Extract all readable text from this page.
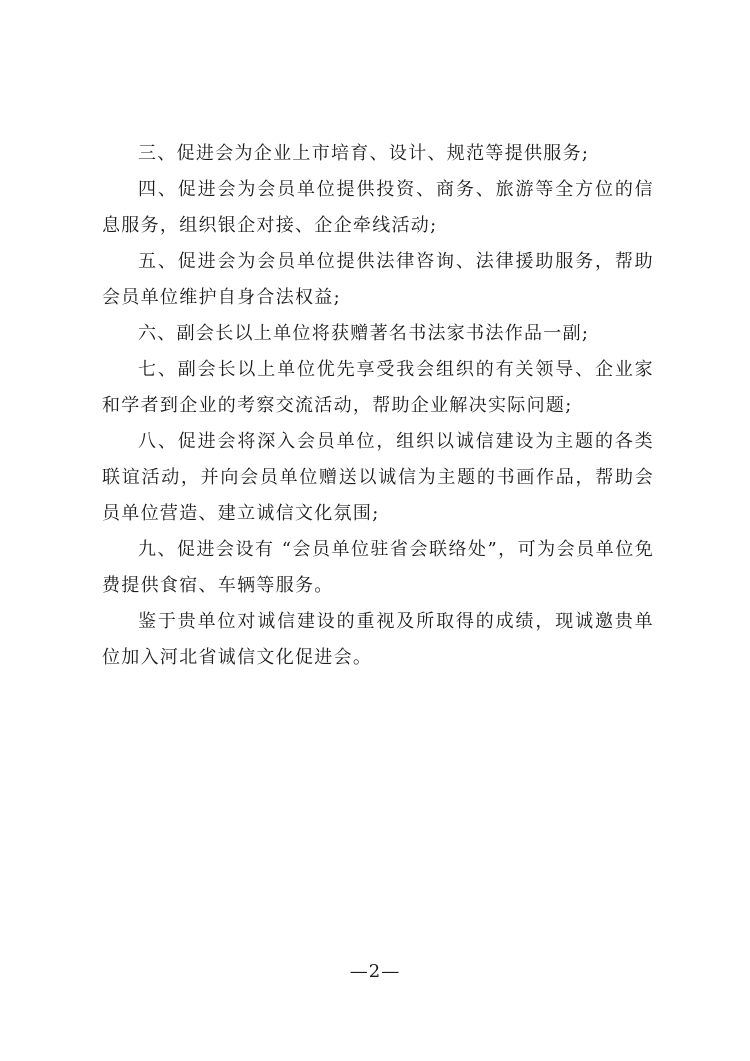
三、促进会为企业上市培育、设计、规范等提供服务;

四、促进会为会员单位提供投资、商务、旅游等全方位的信息服务，组织银企对接、企企牵线活动;

五、促进会为会员单位提供法律咨询、法律援助服务，帮助会员单位维护自身合法权益;

六、副会长以上单位将获赠著名书法家书法作品一副;

七、副会长以上单位优先享受我会组织的有关领导、企业家和学者到企业的考察交流活动，帮助企业解决实际问题;

八、促进会将深入会员单位，组织以诚信建设为主题的各类联谊活动，并向会员单位赠送以诚信为主题的书画作品，帮助会员单位营造、建立诚信文化氛围;

九、促进会设有 “会员单位驻省会联络处”，可为会员单位免费提供食宿、车辆等服务。

鉴于贵单位对诚信建设的重视及所取得的成绩，现诚邀贵单位加入河北省诚信文化促进会。

—2—
